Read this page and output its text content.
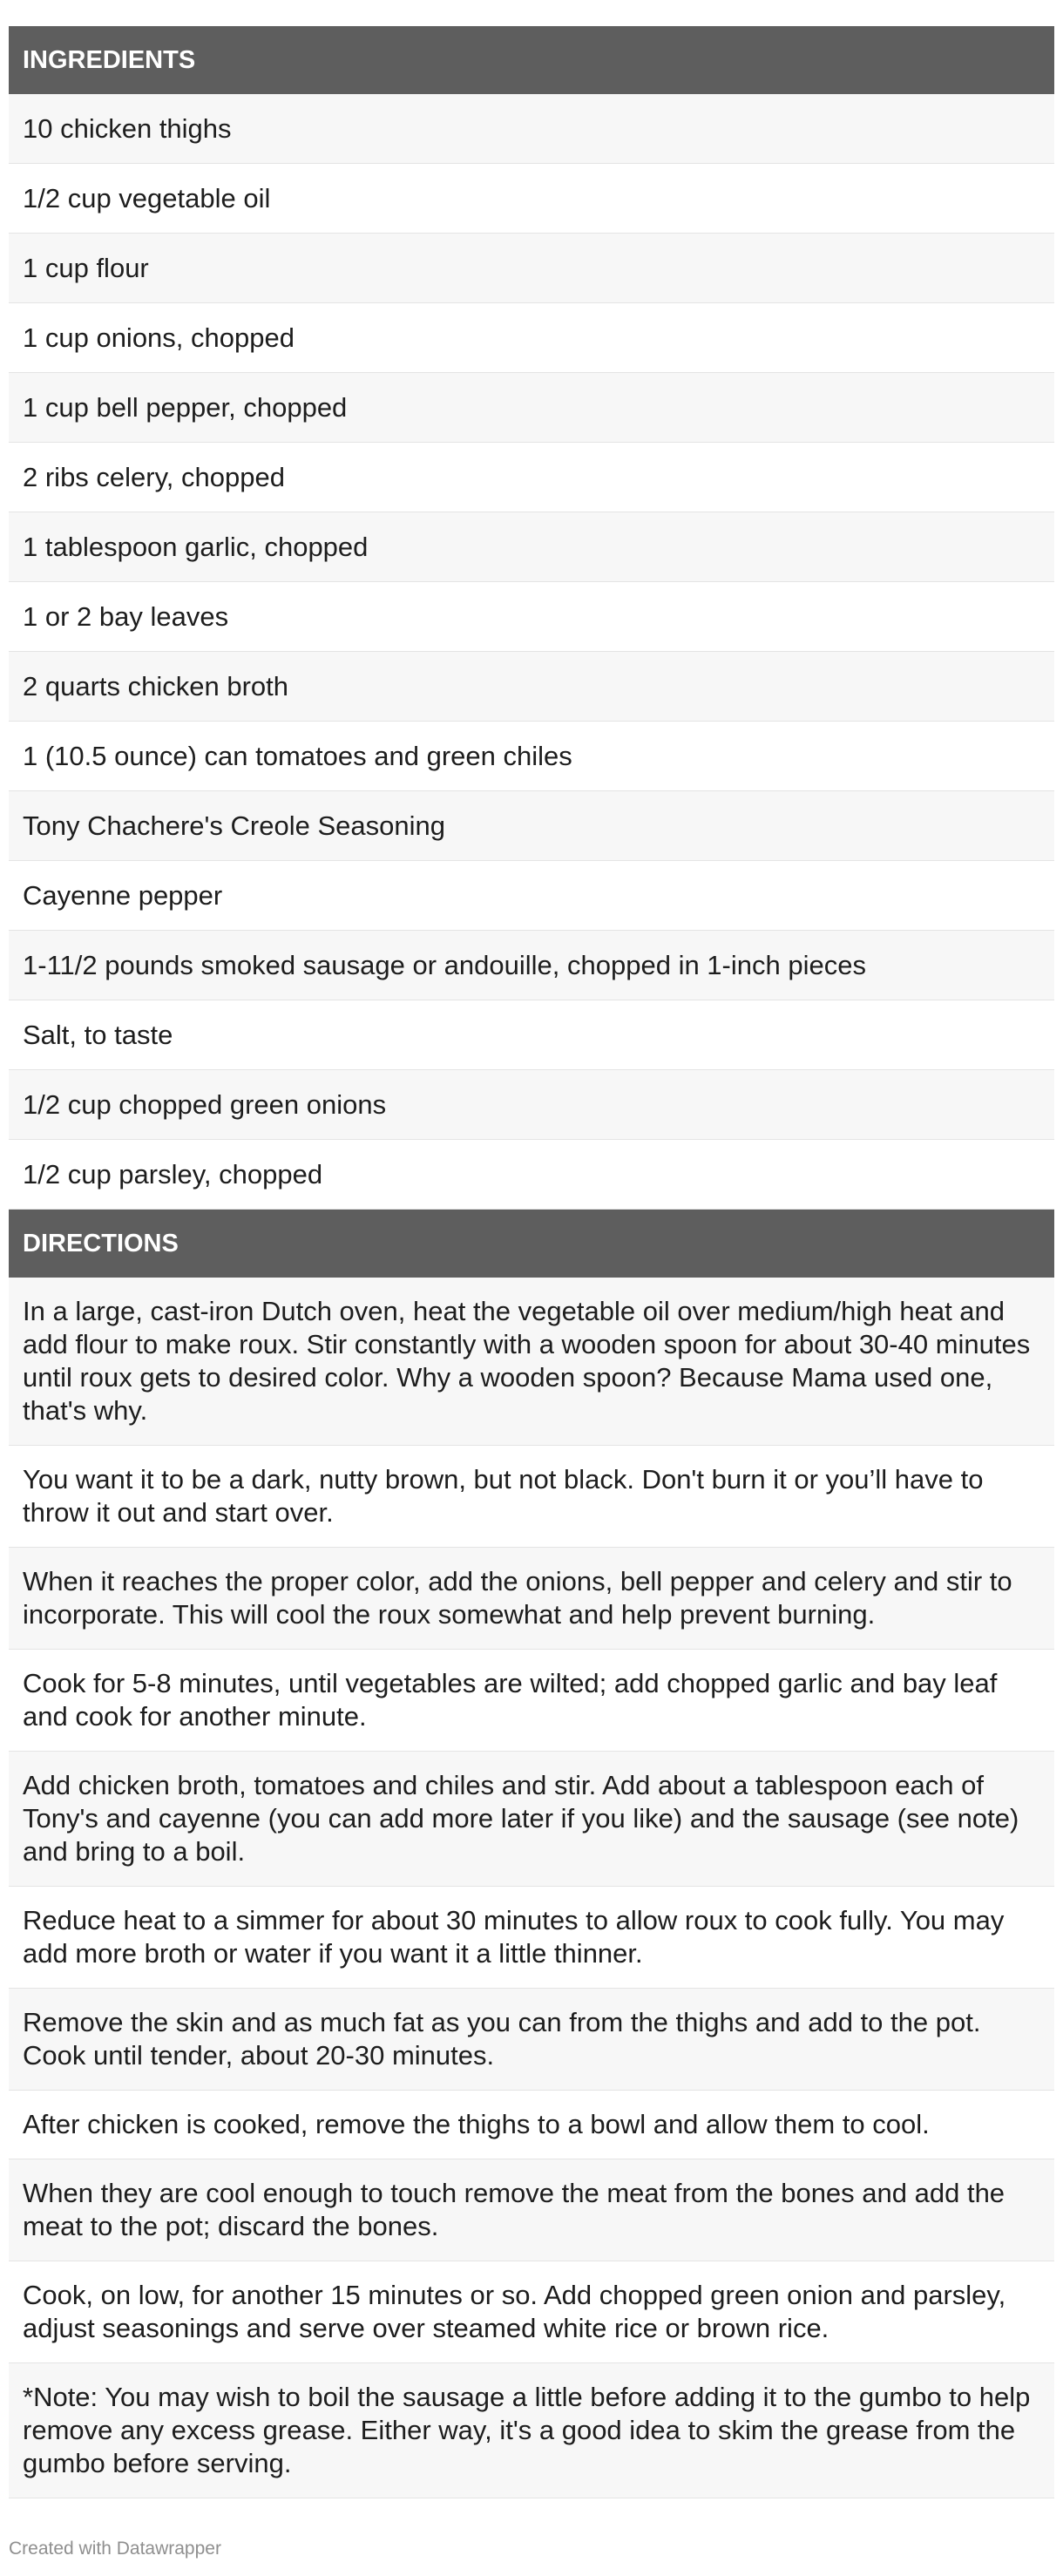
INGREDIENTS
10 chicken thighs
1/2 cup vegetable oil
1 cup flour
1 cup onions, chopped
1 cup bell pepper, chopped
2 ribs celery, chopped
1 tablespoon garlic, chopped
1 or 2 bay leaves
2 quarts chicken broth
1 (10.5 ounce) can tomatoes and green chiles
Tony Chachere's Creole Seasoning
Cayenne pepper
1-11/2 pounds smoked sausage or andouille, chopped in 1-inch pieces
Salt, to taste
1/2 cup chopped green onions
1/2 cup parsley, chopped
DIRECTIONS
In a large, cast-iron Dutch oven, heat the vegetable oil over medium/high heat and add flour to make roux. Stir constantly with a wooden spoon for about 30-40 minutes until roux gets to desired color. Why a wooden spoon? Because Mama used one, that's why.
You want it to be a dark, nutty brown, but not black. Don't burn it or you’ll have to throw it out and start over.
When it reaches the proper color, add the onions, bell pepper and celery and stir to incorporate. This will cool the roux somewhat and help prevent burning.
Cook for 5-8 minutes, until vegetables are wilted; add chopped garlic and bay leaf and cook for another minute.
Add chicken broth, tomatoes and chiles and stir. Add about a tablespoon each of Tony's and cayenne (you can add more later if you like) and the sausage (see note) and bring to a boil.
Reduce heat to a simmer for about 30 minutes to allow roux to cook fully. You may add more broth or water if you want it a little thinner.
Remove the skin and as much fat as you can from the thighs and add to the pot. Cook until tender, about 20-30 minutes.
After chicken is cooked, remove the thighs to a bowl and allow them to cool.
When they are cool enough to touch remove the meat from the bones and add the meat to the pot; discard the bones.
Cook, on low, for another 15 minutes or so. Add chopped green onion and parsley, adjust seasonings and serve over steamed white rice or brown rice.
*Note: You may wish to boil the sausage a little before adding it to the gumbo to help remove any excess grease. Either way, it's a good idea to skim the grease from the gumbo before serving.
Created with Datawrapper
